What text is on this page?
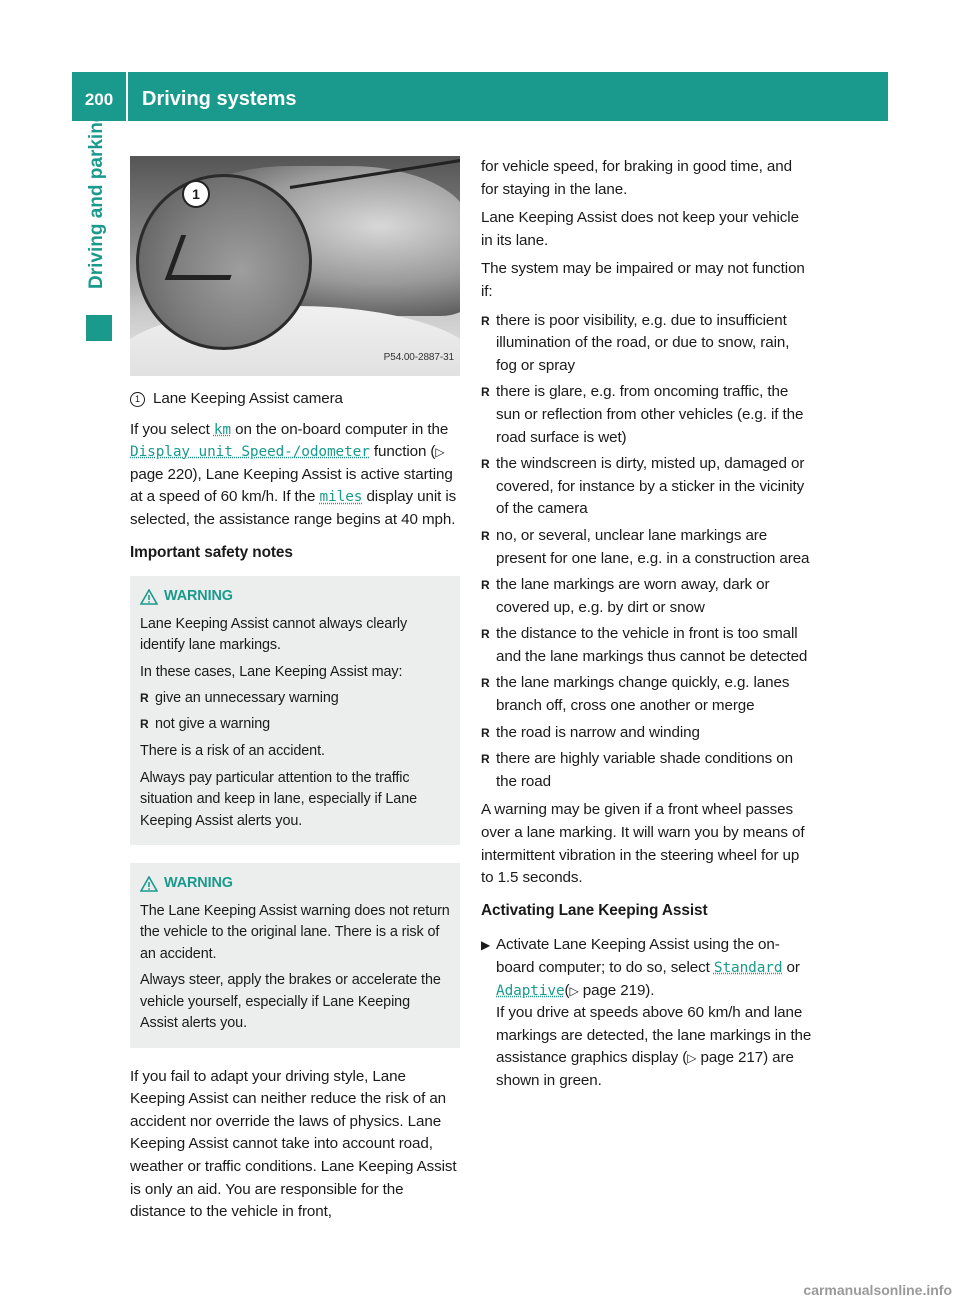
200	Driving systems
Driving and parking	1
P54.00-2887-31

1 Lane Keeping Assist camera

If you select km on the on-board computer in the Display unit Speed-/odometer function (▷ page 220), Lane Keeping Assist is active starting at a speed of 60 km/h. If the miles display unit is selected, the assistance range begins at 40 mph.

Important safety notes
WARNING

Lane Keeping Assist cannot always clearly identify lane markings.

In these cases, Lane Keeping Assist may:

R give an unnecessary warning
R not give a warning

There is a risk of an accident.

Always pay particular attention to the traffic situation and keep in lane, especially if Lane Keeping Assist alerts you.

WARNING

The Lane Keeping Assist warning does not return the vehicle to the original lane. There is a risk of an accident.

Always steer, apply the brakes or accelerate the vehicle yourself, especially if Lane Keeping Assist alerts you.

If you fail to adapt your driving style, Lane Keeping Assist can neither reduce the risk of an accident nor override the laws of physics. Lane Keeping Assist cannot take into account road, weather or traffic conditions. Lane Keeping Assist is only an aid. You are responsible for the distance to the vehicle in front,

for vehicle speed, for braking in good time, and for staying in the lane.

Lane Keeping Assist does not keep your vehicle in its lane.

The system may be impaired or may not function if:

R there is poor visibility, e.g. due to insufficient illumination of the road, or due to snow, rain, fog or spray
R there is glare, e.g. from oncoming traffic, the sun or reflection from other vehicles (e.g. if the road surface is wet)
R the windscreen is dirty, misted up, damaged or covered, for instance by a sticker in the vicinity of the camera
R no, or several, unclear lane markings are present for one lane, e.g. in a construction area
R the lane markings are worn away, dark or covered up, e.g. by dirt or snow
R the distance to the vehicle in front is too small and the lane markings thus cannot be detected
R the lane markings change quickly, e.g. lanes branch off, cross one another or merge
R the road is narrow and winding
R there are highly variable shade conditions on the road

A warning may be given if a front wheel passes over a lane marking. It will warn you by means of intermittent vibration in the steering wheel for up to 1.5 seconds.

Activating Lane Keeping Assist
▶ Activate Lane Keeping Assist using the on-board computer; to do so, select Standard or Adaptive(▷ page 219).
If you drive at speeds above 60 km/h and lane markings are detected, the lane markings in the assistance graphics display (▷ page 217) are shown in green.
carmanualsonline.info
